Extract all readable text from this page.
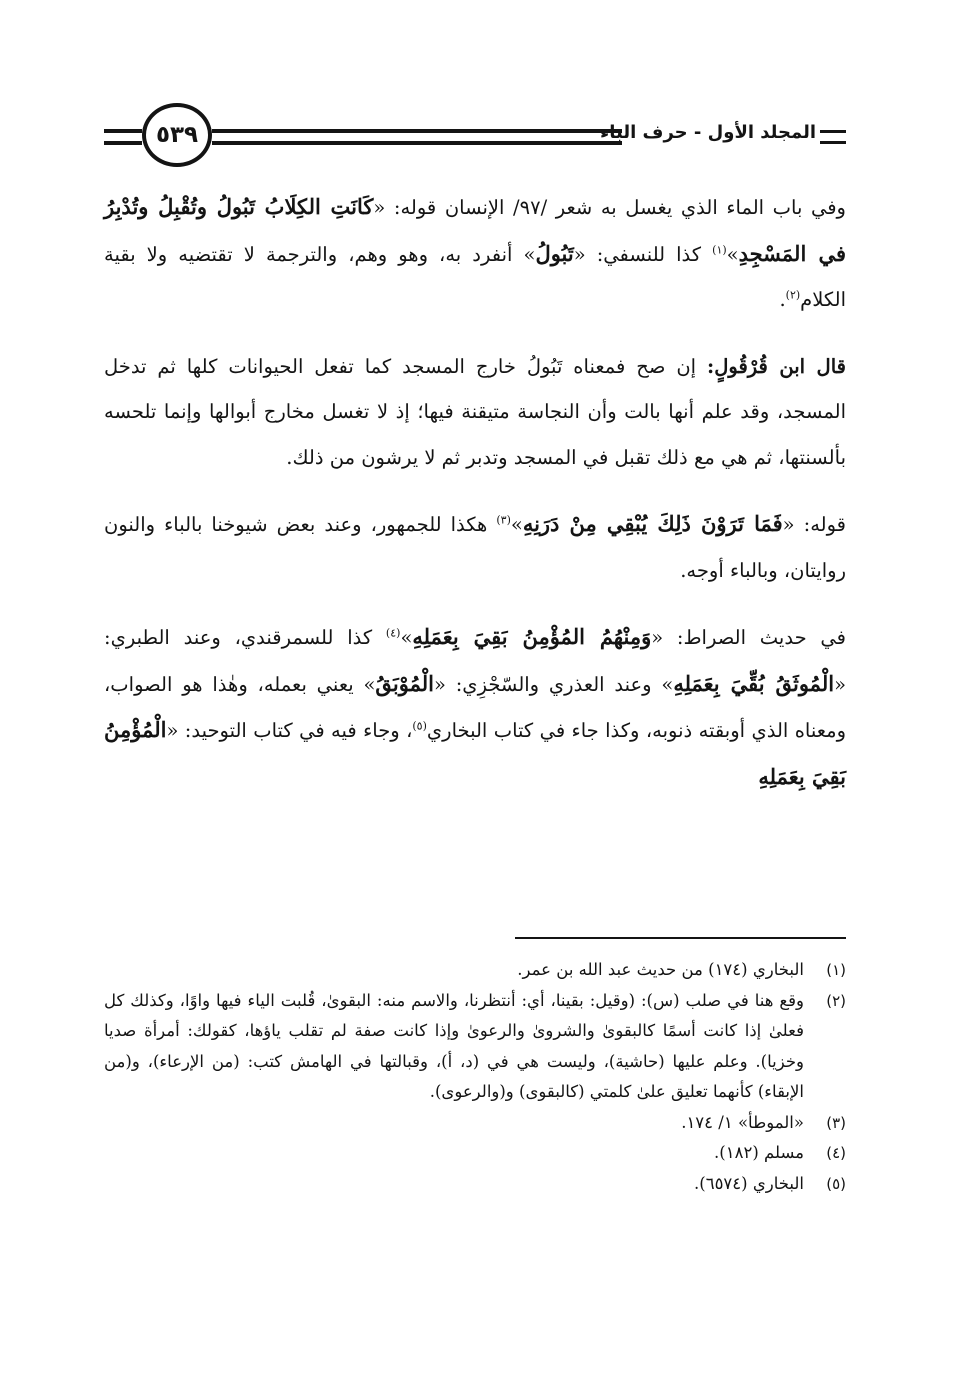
٥٣٩	المجلد الأول - حرف الباء

وفي باب الماء الذي يغسل به شعر /٩٧/ الإنسان قوله: «كَانَتِ الكِلَابُ تَبُولُ وتُقْبِلُ وتُدْبِرُ في المَسْجِدِ»$^{(١)}$ كذا للنسفي: «تَبُولُ» أنفرد به، وهو وهم، والترجمة لا تقتضيه ولا بقية الكلام$^{(٢)}$.

قال ابن قُرْقُولٍ: إن صح فمعناه تَبُولُ خارج المسجد كما تفعل الحيوانات كلها ثم تدخل المسجد، وقد علم أنها بالت وأن النجاسة متيقنة فيها؛ إذ لا تغسل مخارج أبوالها وإنما تلحسه بألسنتها، ثم هي مع ذلك تقبل في المسجد وتدبر ثم لا يرشون من ذلك.

قوله: «فَمَا تَرَوْنَ ذَلِكَ يُبْقِي مِنْ دَرَنِهِ»$^{(٣)}$ هكذا للجمهور، وعند بعض شيوخنا بالباء والنون روايتان، وبالباء أوجه.

في حديث الصراط: «وَمِنْهُمُ المُؤْمِنُ بَقِيَ بِعَمَلِهِ»$^{(٤)}$ كذا للسمرقندي، وعند الطبري: «الْمُوثَقُ بُقِّيَ بِعَمَلِهِ» وعند العذري والسّجْزِي: «الْمُوْبَقُ» يعني بعمله، وهٰذا هو الصواب، ومعناه الذي أوبقته ذنوبه، وكذا جاء في كتاب البخاري$^{(٥)}$، وجاء فيه في كتاب التوحيد: «الْمُؤْمِنُ بَقِيَ بِعَمَلِهِ

(١)
البخاري (١٧٤) من حديث عبد الله بن عمر.
(٢)
وقع هنا في صلب (س): (وقيل: بقينا، أي: أنتظرنا، والاسم منه: البقوىٰ، قُلبت الياء فيها واوًا، وكذلك كل فعلىٰ إذا كانت أسمًا كالبقوىٰ والشروىٰ والرعوىٰ وإذا كانت صفة لم تقلب ياؤها، كقولك: أمرأة صديا وخزيا). وعلم عليها (حاشية)، وليست هي في (د، أ)، وقبالتها في الهامش كتب: (من الإرعاء)، و(من الإبقاء) كأنهما تعليق علىٰ كلمتي (كالبقوى) و(والرعوى).
(٣)
«الموطأ» ١/ ١٧٤.
(٤)
مسلم (١٨٢).
(٥)
البخاري (٦٥٧٤).
